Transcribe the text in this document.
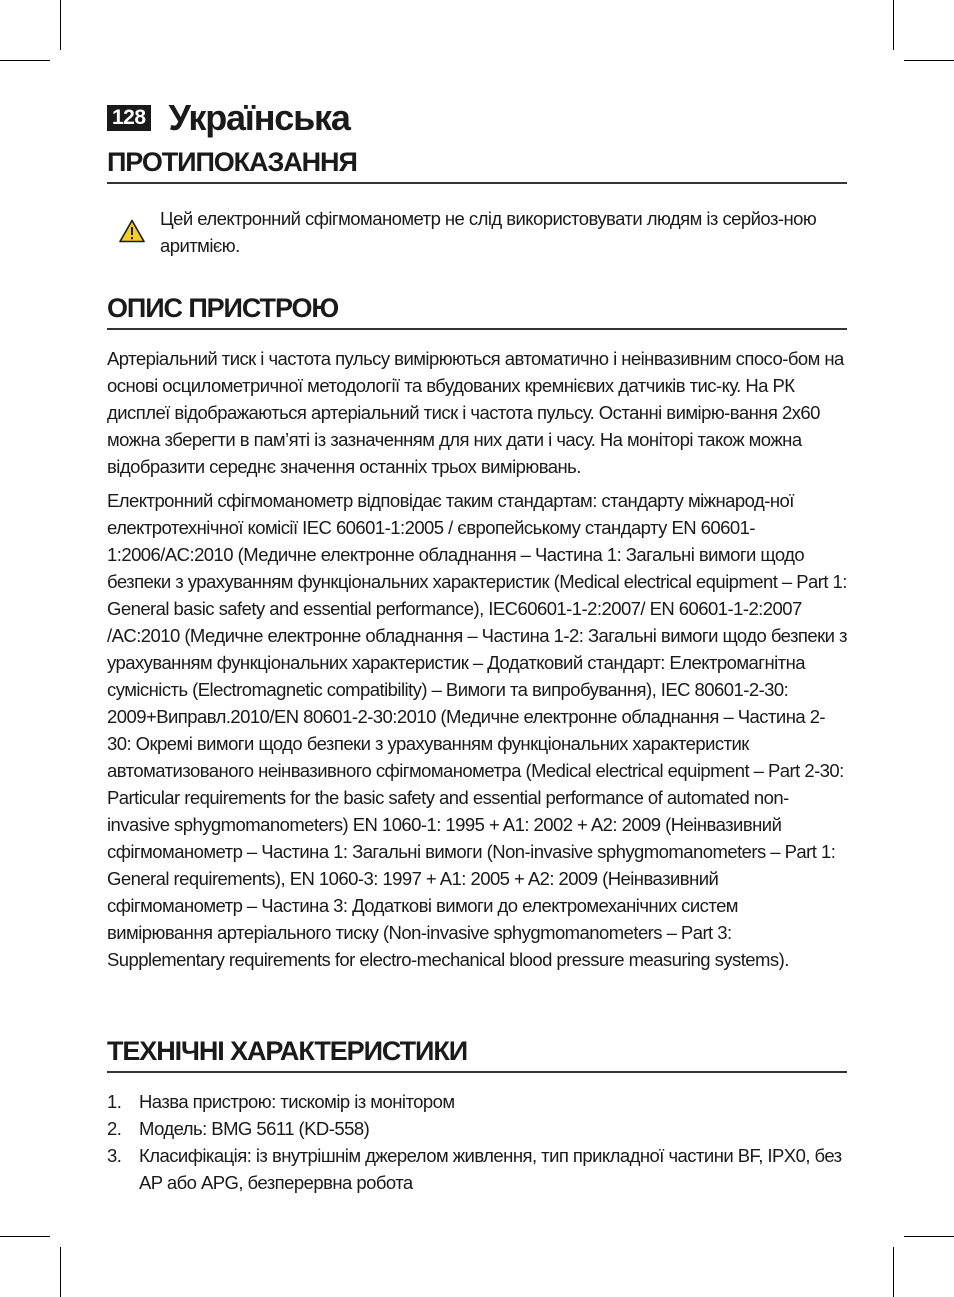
128 Українська
ПРОТИПОКАЗАННЯ
Цей електронний сфігмоманометр не слід використовувати людям із серйоз-ною аритмією.
ОПИС ПРИСТРОЮ
Артеріальний тиск і частота пульсу вимірюються автоматично і неінвазивним спосо-бом на основі осцилометричної методології та вбудованих кремнієвих датчиків тис-ку. На РК дисплеї відображаються артеріальний тиск і частота пульсу. Останні вимірю-вання 2x60 можна зберегти в пам’яті із зазначенням для них дати і часу. На моніторі також можна відобразити середнє значення останніх трьох вимірювань.
Електронний сфігмоманометр відповідає таким стандартам: стандарту міжнарод-ної електротехнічної комісії IEC 60601-1:2005 / європейському стандарту EN 60601-1:2006/AC:2010 (Медичне електронне обладнання – Частина 1: Загальні вимоги щодо безпеки з урахуванням функціональних характеристик (Medical electrical equipment – Part 1: General basic safety and essential performance), IEC60601-1-2:2007/ EN 60601-1-2:2007 /AC:2010 (Медичне електронне обладнання – Частина 1-2: Загальні вимоги щодо безпеки з урахуванням функціональних характеристик – Додатковий стандарт: Електромагнітна сумісність (Electromagnetic compatibility) – Вимоги та випробування), IEC 80601-2-30: 2009+Виправл.2010/EN 80601-2-30:2010 (Медичне електронне обладнання – Частина 2-30: Окремі вимоги щодо безпеки з урахуванням функціональних характеристик автоматизованого неінвазивного сфігмоманометра (Medical electrical equipment – Part 2-30: Particular requirements for the basic safety and essential performance of automated non-invasive sphygmomanometers) EN 1060-1: 1995 + A1: 2002 + A2: 2009 (Неінвазивний сфігмоманометр – Частина 1: Загальні вимоги (Non-invasive sphygmomanometers – Part 1: General requirements), EN 1060-3: 1997 + A1: 2005 + A2: 2009 (Неінвазивний сфігмоманометр – Частина 3: Додаткові вимоги до електромеханічних систем вимірювання артеріального тиску (Non-invasive sphygmomanometers – Part 3: Supplementary requirements for electro-mechanical blood pressure measuring systems).
ТЕХНІЧНІ ХАРАКТЕРИСТИКИ
1. Назва пристрою: тискомір із монітором
2. Модель: BMG 5611 (KD-558)
3. Класифікація: із внутрішнім джерелом живлення, тип прикладної частини BF, IPX0, без AP або APG, безперервна робота
